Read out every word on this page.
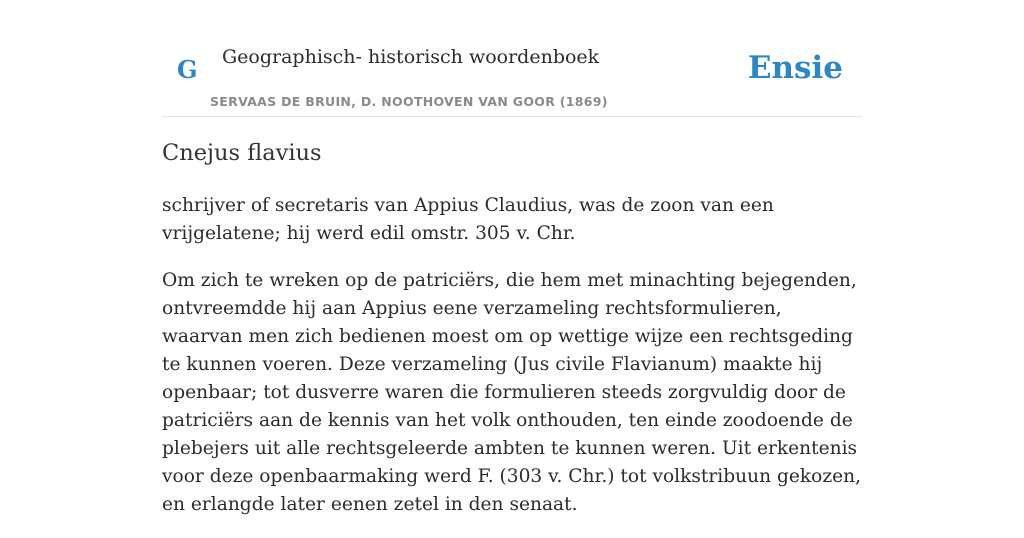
G Geographisch- historisch woordenboek
SERVAAS DE BRUIN, D. NOOTHOVEN VAN GOOR (1869)
Ensie
Cnejus flavius

schrijver of secretaris van Appius Claudius, was de zoon van een vrijgelatene; hij werd edil omstr. 305 v. Chr.

Om zich te wreken op de patriciërs, die hem met minachting bejegenden, ontvreemdde hij aan Appius eene verzameling rechtsformulieren, waarvan men zich bedienen moest om op wettige wijze een rechtsgeding te kunnen voeren. Deze verzameling (Jus civile Flavianum) maakte hij openbaar; tot dusverre waren die formulieren steeds zorgvuldig door de patriciërs aan de kennis van het volk onthouden, ten einde zoodoende de plebejers uit alle rechtsgeleerde ambten te kunnen weren. Uit erkentenis voor deze openbaarmaking werd F. (303 v. Chr.) tot volkstribuun gekozen, en erlangde later eenen zetel in den senaat.
